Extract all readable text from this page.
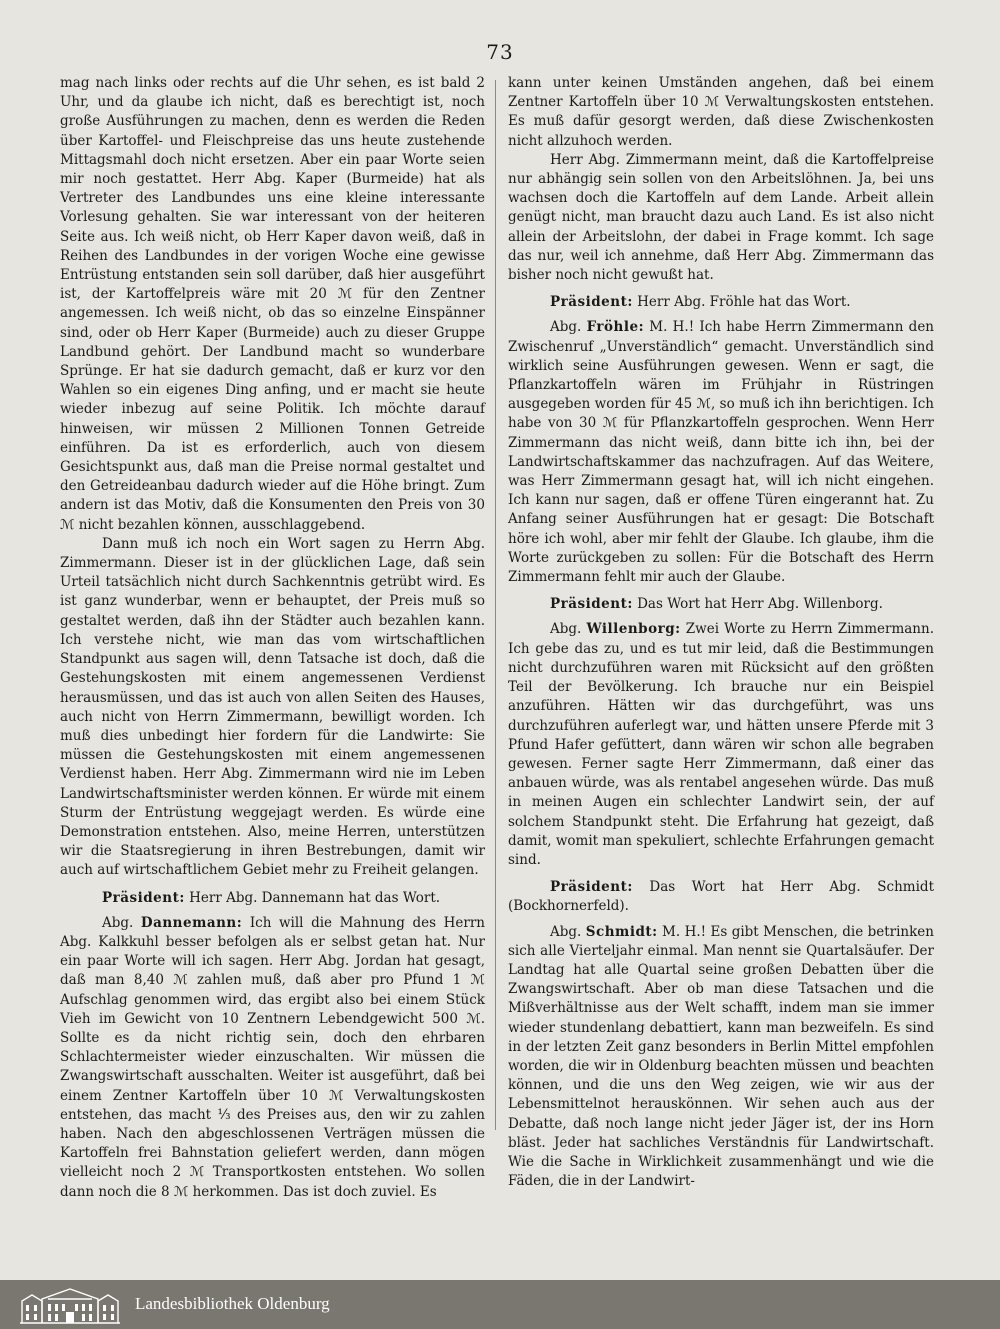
73

mag nach links oder rechts auf die Uhr sehen, es ist bald 2 Uhr, und da glaube ich nicht, daß es berechtigt ist, noch große Ausführungen zu machen, denn es werden die Reden über Kartoffel- und Fleischpreise das uns heute zustehende Mittagsmahl doch nicht ersetzen. Aber ein paar Worte seien mir noch gestattet. Herr Abg. Kaper (Burmeide) hat als Vertreter des Landbundes uns eine kleine interessante Vorlesung gehalten. Sie war interessant von der heiteren Seite aus. Ich weiß nicht, ob Herr Kaper davon weiß, daß in Reihen des Landbundes in der vorigen Woche eine gewisse Entrüstung entstanden sein soll darüber, daß hier ausgeführt ist, der Kartoffelpreis wäre mit 20 ℳ für den Zentner angemessen. Ich weiß nicht, ob das so einzelne Einspänner sind, oder ob Herr Kaper (Burmeide) auch zu dieser Gruppe Landbund gehört. Der Landbund macht so wunderbare Sprünge. Er hat sie dadurch gemacht, daß er kurz vor den Wahlen so ein eigenes Ding anfing, und er macht sie heute wieder inbezug auf seine Politik. Ich möchte darauf hinweisen, wir müssen 2 Millionen Tonnen Getreide einführen. Da ist es erforderlich, auch von diesem Gesichtspunkt aus, daß man die Preise normal gestaltet und den Getreideanbau dadurch wieder auf die Höhe bringt. Zum andern ist das Motiv, daß die Konsumenten den Preis von 30 ℳ nicht bezahlen können, ausschlaggebend.

Dann muß ich noch ein Wort sagen zu Herrn Abg. Zimmermann. Dieser ist in der glücklichen Lage, daß sein Urteil tatsächlich nicht durch Sachkenntnis getrübt wird. Es ist ganz wunderbar, wenn er behauptet, der Preis muß so gestaltet werden, daß ihn der Städter auch bezahlen kann. Ich verstehe nicht, wie man das vom wirtschaftlichen Standpunkt aus sagen will, denn Tatsache ist doch, daß die Gestehungskosten mit einem angemessenen Verdienst herausmüssen, und das ist auch von allen Seiten des Hauses, auch nicht von Herrn Zimmermann, bewilligt worden. Ich muß dies unbedingt hier fordern für die Landwirte: Sie müssen die Gestehungskosten mit einem angemessenen Verdienst haben. Herr Abg. Zimmermann wird nie im Leben Landwirtschaftsminister werden können. Er würde mit einem Sturm der Entrüstung weggejagt werden. Es würde eine Demonstration entstehen. Also, meine Herren, unterstützen wir die Staatsregierung in ihren Bestrebungen, damit wir auch auf wirtschaftlichem Gebiet mehr zu Freiheit gelangen.

Präsident: Herr Abg. Dannemann hat das Wort.

Abg. Dannemann: Ich will die Mahnung des Herrn Abg. Kalkkuhl besser befolgen als er selbst getan hat. Nur ein paar Worte will ich sagen. Herr Abg. Jordan hat gesagt, daß man 8,40 ℳ zahlen muß, daß aber pro Pfund 1 ℳ Aufschlag genommen wird, das ergibt also bei einem Stück Vieh im Gewicht von 10 Zentnern Lebendgewicht 500 ℳ. Sollte es da nicht richtig sein, doch den ehrbaren Schlachtermeister wieder einzuschalten. Wir müssen die Zwangswirtschaft ausschalten. Weiter ist ausgeführt, daß bei einem Zentner Kartoffeln über 10 ℳ Verwaltungskosten entstehen, das macht ⅓ des Preises aus, den wir zu zahlen haben. Nach den abgeschlossenen Verträgen müssen die Kartoffeln frei Bahnstation geliefert werden, dann mögen vielleicht noch 2 ℳ Transportkosten entstehen. Wo sollen dann noch die 8 ℳ herkommen. Das ist doch zuviel. Es

kann unter keinen Umständen angehen, daß bei einem Zentner Kartoffeln über 10 ℳ Verwaltungskosten entstehen. Es muß dafür gesorgt werden, daß diese Zwischenkosten nicht allzuhoch werden.

Herr Abg. Zimmermann meint, daß die Kartoffelpreise nur abhängig sein sollen von den Arbeitslöhnen. Ja, bei uns wachsen doch die Kartoffeln auf dem Lande. Arbeit allein genügt nicht, man braucht dazu auch Land. Es ist also nicht allein der Arbeitslohn, der dabei in Frage kommt. Ich sage das nur, weil ich annehme, daß Herr Abg. Zimmermann das bisher noch nicht gewußt hat.

Präsident: Herr Abg. Fröhle hat das Wort.

Abg. Fröhle: M. H.! Ich habe Herrn Zimmermann den Zwischenruf „Unverständlich“ gemacht. Unverständlich sind wirklich seine Ausführungen gewesen. Wenn er sagt, die Pflanzkartoffeln wären im Frühjahr in Rüstringen ausgegeben worden für 45 ℳ, so muß ich ihn berichtigen. Ich habe von 30 ℳ für Pflanzkartoffeln gesprochen. Wenn Herr Zimmermann das nicht weiß, dann bitte ich ihn, bei der Landwirtschaftskammer das nachzufragen. Auf das Weitere, was Herr Zimmermann gesagt hat, will ich nicht eingehen. Ich kann nur sagen, daß er offene Türen eingerannt hat. Zu Anfang seiner Ausführungen hat er gesagt: Die Botschaft höre ich wohl, aber mir fehlt der Glaube. Ich glaube, ihm die Worte zurückgeben zu sollen: Für die Botschaft des Herrn Zimmermann fehlt mir auch der Glaube.

Präsident: Das Wort hat Herr Abg. Willenborg.

Abg. Willenborg: Zwei Worte zu Herrn Zimmermann. Ich gebe das zu, und es tut mir leid, daß die Bestimmungen nicht durchzuführen waren mit Rücksicht auf den größten Teil der Bevölkerung. Ich brauche nur ein Beispiel anzuführen. Hätten wir das durchgeführt, was uns durchzuführen auferlegt war, und hätten unsere Pferde mit 3 Pfund Hafer gefüttert, dann wären wir schon alle begraben gewesen. Ferner sagte Herr Zimmermann, daß einer das anbauen würde, was als rentabel angesehen würde. Das muß in meinen Augen ein schlechter Landwirt sein, der auf solchem Standpunkt steht. Die Erfahrung hat gezeigt, daß damit, womit man spekuliert, schlechte Erfahrungen gemacht sind.

Präsident: Das Wort hat Herr Abg. Schmidt (Bockhornerfeld).

Abg. Schmidt: M. H.! Es gibt Menschen, die betrinken sich alle Vierteljahr einmal. Man nennt sie Quartalsäufer. Der Landtag hat alle Quartal seine großen Debatten über die Zwangswirtschaft. Aber ob man diese Tatsachen und die Mißverhältnisse aus der Welt schafft, indem man sie immer wieder stundenlang debattiert, kann man bezweifeln. Es sind in der letzten Zeit ganz besonders in Berlin Mittel empfohlen worden, die wir in Oldenburg beachten müssen und beachten können, und die uns den Weg zeigen, wie wir aus der Lebensmittelnot herauskönnen. Wir sehen auch aus der Debatte, daß noch lange nicht jeder Jäger ist, der ins Horn bläst. Jeder hat sachliches Verständnis für Landwirtschaft. Wie die Sache in Wirklichkeit zusammenhängt und wie die Fäden, die in der Landwirt-

Landesbibliothek Oldenburg
